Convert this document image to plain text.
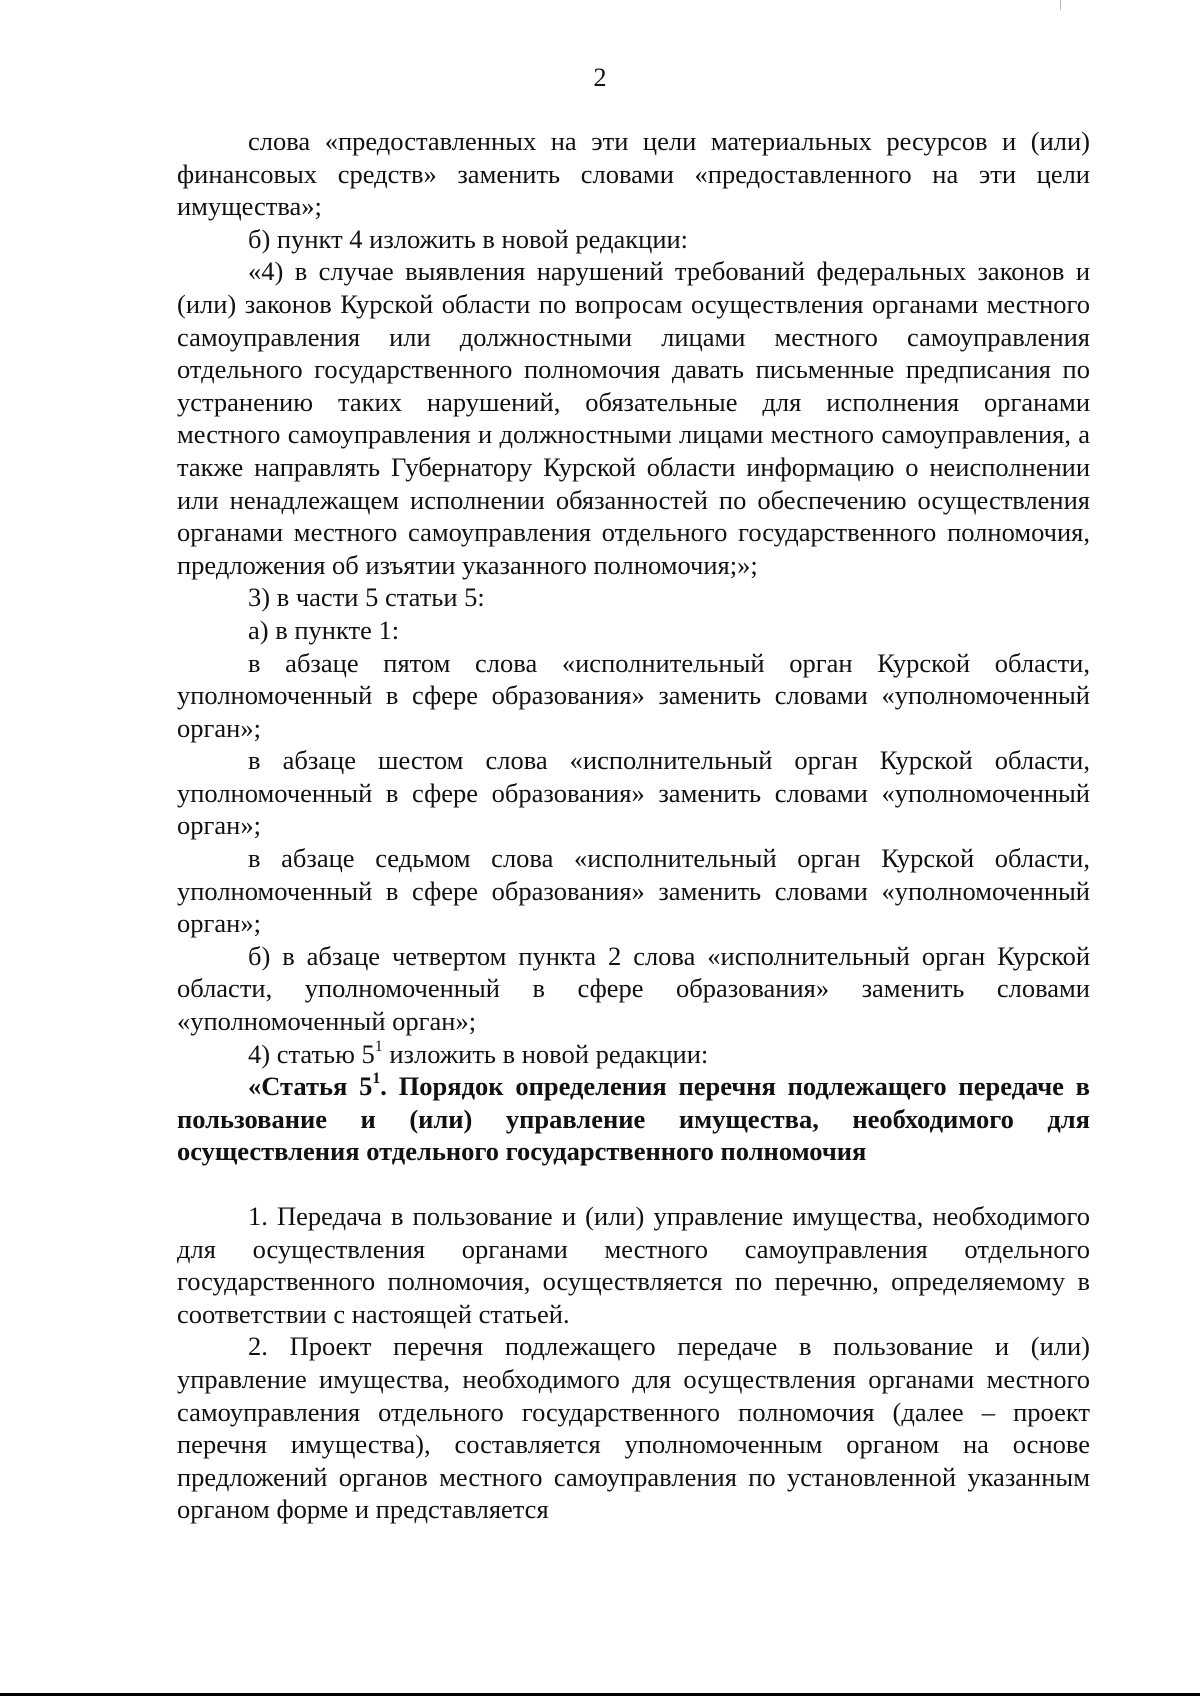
2

слова «предоставленных на эти цели материальных ресурсов и (или) финансовых средств» заменить словами «предоставленного на эти цели имущества»;

б) пункт 4 изложить в новой редакции:

«4) в случае выявления нарушений требований федеральных законов и (или) законов Курской области по вопросам осуществления органами местного самоуправления или должностными лицами местного самоуправления отдельного государственного полномочия давать письменные предписания по устранению таких нарушений, обязательные для исполнения органами местного самоуправления и должностными лицами местного самоуправления, а также направлять Губернатору Курской области информацию о неисполнении или ненадлежащем исполнении обязанностей по обеспечению осуществления органами местного самоуправления отдельного государственного полномочия, предложения об изъятии указанного полномочия;»;

3) в части 5 статьи 5:

а) в пункте 1:

в абзаце пятом слова «исполнительный орган Курской области, уполномоченный в сфере образования» заменить словами «уполномоченный орган»;

в абзаце шестом слова «исполнительный орган Курской области, уполномоченный в сфере образования» заменить словами «уполномоченный орган»;

в абзаце седьмом слова «исполнительный орган Курской области, уполномоченный в сфере образования» заменить словами «уполномоченный орган»;

б) в абзаце четвертом пункта 2 слова «исполнительный орган Курской области, уполномоченный в сфере образования» заменить словами «уполномоченный орган»;

4) статью $5^1$ изложить в новой редакции:

«Статья $5^1$. Порядок определения перечня подлежащего передаче в пользование и (или) управление имущества, необходимого для осуществления отдельного государственного полномочия

1. Передача в пользование и (или) управление имущества, необходимого для осуществления органами местного самоуправления отдельного государственного полномочия, осуществляется по перечню, определяемому в соответствии с настоящей статьей.

2. Проект перечня подлежащего передаче в пользование и (или) управление имущества, необходимого для осуществления органами местного самоуправления отдельного государственного полномочия (далее – проект перечня имущества), составляется уполномоченным органом на основе предложений органов местного самоуправления по установленной указанным органом форме и представляется
